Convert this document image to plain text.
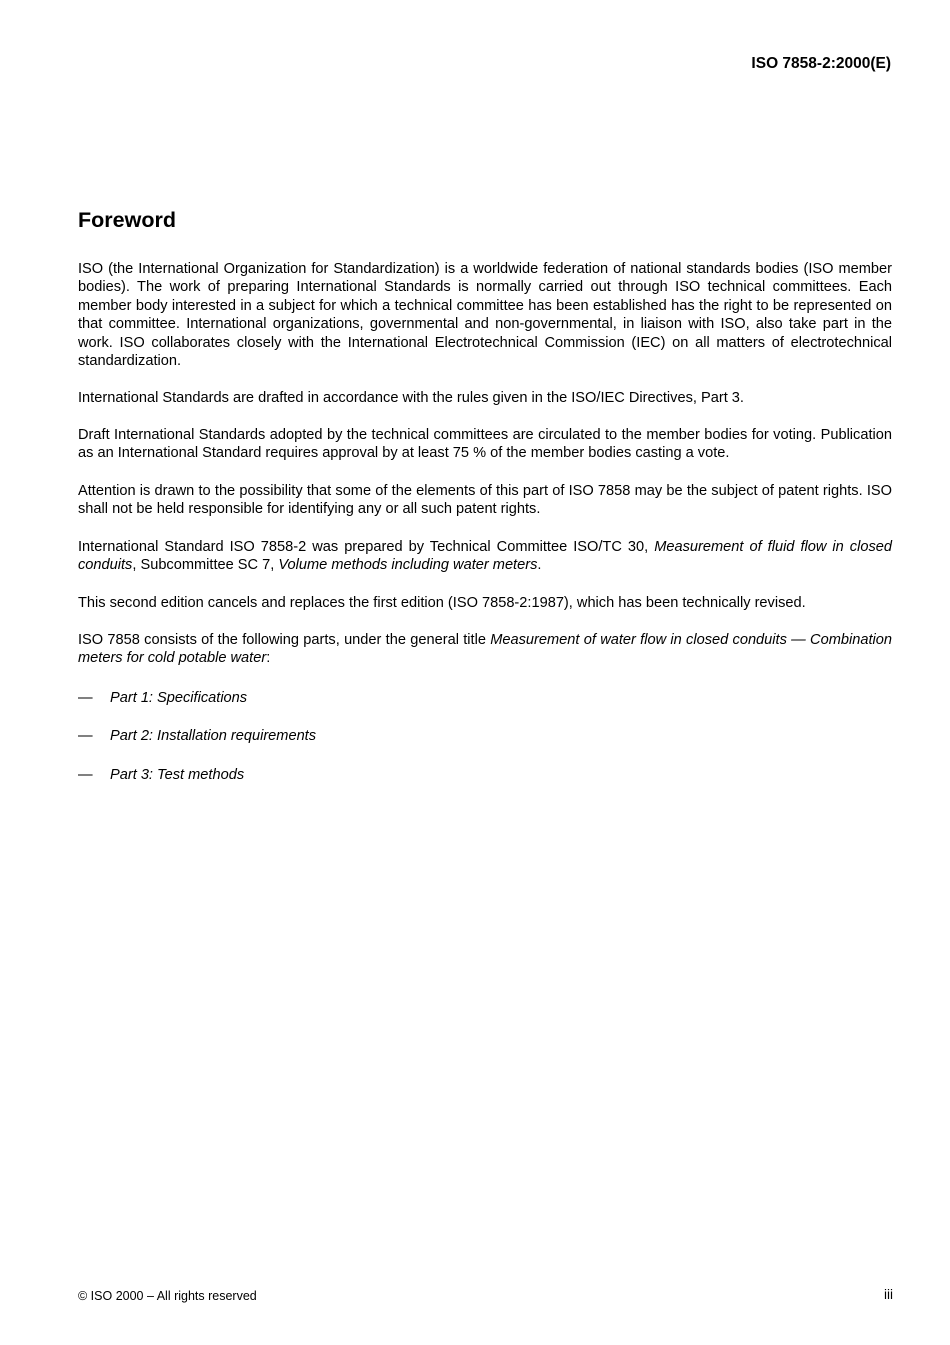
ISO 7858-2:2000(E)
Foreword

ISO (the International Organization for Standardization) is a worldwide federation of national standards bodies (ISO member bodies). The work of preparing International Standards is normally carried out through ISO technical committees. Each member body interested in a subject for which a technical committee has been established has the right to be represented on that committee. International organizations, governmental and non-governmental, in liaison with ISO, also take part in the work. ISO collaborates closely with the International Electrotechnical Commission (IEC) on all matters of electrotechnical standardization.

International Standards are drafted in accordance with the rules given in the ISO/IEC Directives, Part 3.

Draft International Standards adopted by the technical committees are circulated to the member bodies for voting. Publication as an International Standard requires approval by at least 75 % of the member bodies casting a vote.

Attention is drawn to the possibility that some of the elements of this part of ISO 7858 may be the subject of patent rights. ISO shall not be held responsible for identifying any or all such patent rights.

International Standard ISO 7858-2 was prepared by Technical Committee ISO/TC 30, Measurement of fluid flow in closed conduits, Subcommittee SC 7, Volume methods including water meters.

This second edition cancels and replaces the first edition (ISO 7858-2:1987), which has been technically revised.

ISO 7858 consists of the following parts, under the general title Measurement of water flow in closed conduits — Combination meters for cold potable water:

— Part 1: Specifications
— Part 2: Installation requirements
— Part 3: Test methods
© ISO 2000 – All rights reserved	iii
